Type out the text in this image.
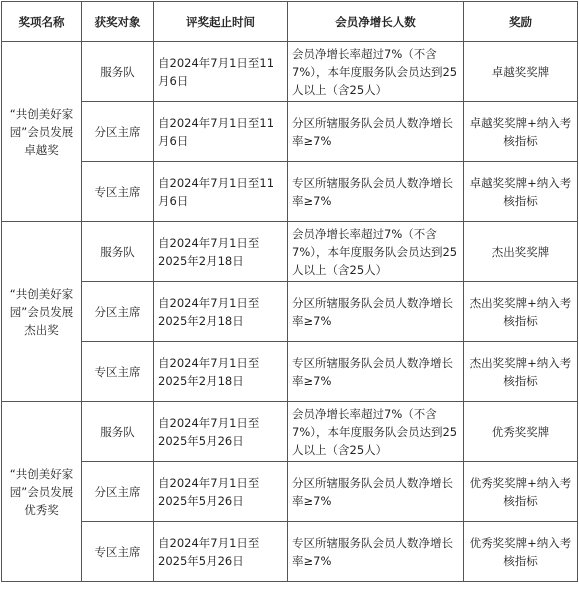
奖项名称	获奖对象	评奖起止时间	会员净增长人数	奖励
“共创美好家园”会员发展卓越奖	服务队	自2024年7月1日至11月6日	会员净增长率超过7%（不含7%），本年度服务队会员达到25人以上（含25人）	卓越奖奖牌
	分区主席	自2024年7月1日至11月6日	分区所辖服务队会员人数净增长率≥7%	卓越奖奖牌+纳入考核指标
	专区主席	自2024年7月1日至11月6日	专区所辖服务队会员人数净增长率≥7%	卓越奖奖牌+纳入考核指标
“共创美好家园”会员发展杰出奖	服务队	自2024年7月1日至2025年2月18日	会员净增长率超过7%（不含7%），本年度服务队会员达到25人以上（含25人）	杰出奖奖牌
	分区主席	自2024年7月1日至2025年2月18日	分区所辖服务队会员人数净增长率≥7%	杰出奖奖牌+纳入考核指标
	专区主席	自2024年7月1日至2025年2月18日	专区所辖服务队会员人数净增长率≥7%	杰出奖奖牌+纳入考核指标
“共创美好家园”会员发展优秀奖	服务队	自2024年7月1日至2025年5月26日	会员净增长率超过7%（不含7%），本年度服务队会员达到25人以上（含25人）	优秀奖奖牌
	分区主席	自2024年7月1日至2025年5月26日	分区所辖服务队会员人数净增长率≥7%	优秀奖奖牌+纳入考核指标
	专区主席	自2024年7月1日至2025年5月26日	专区所辖服务队会员人数净增长率≥7%	优秀奖奖牌+纳入考核指标
